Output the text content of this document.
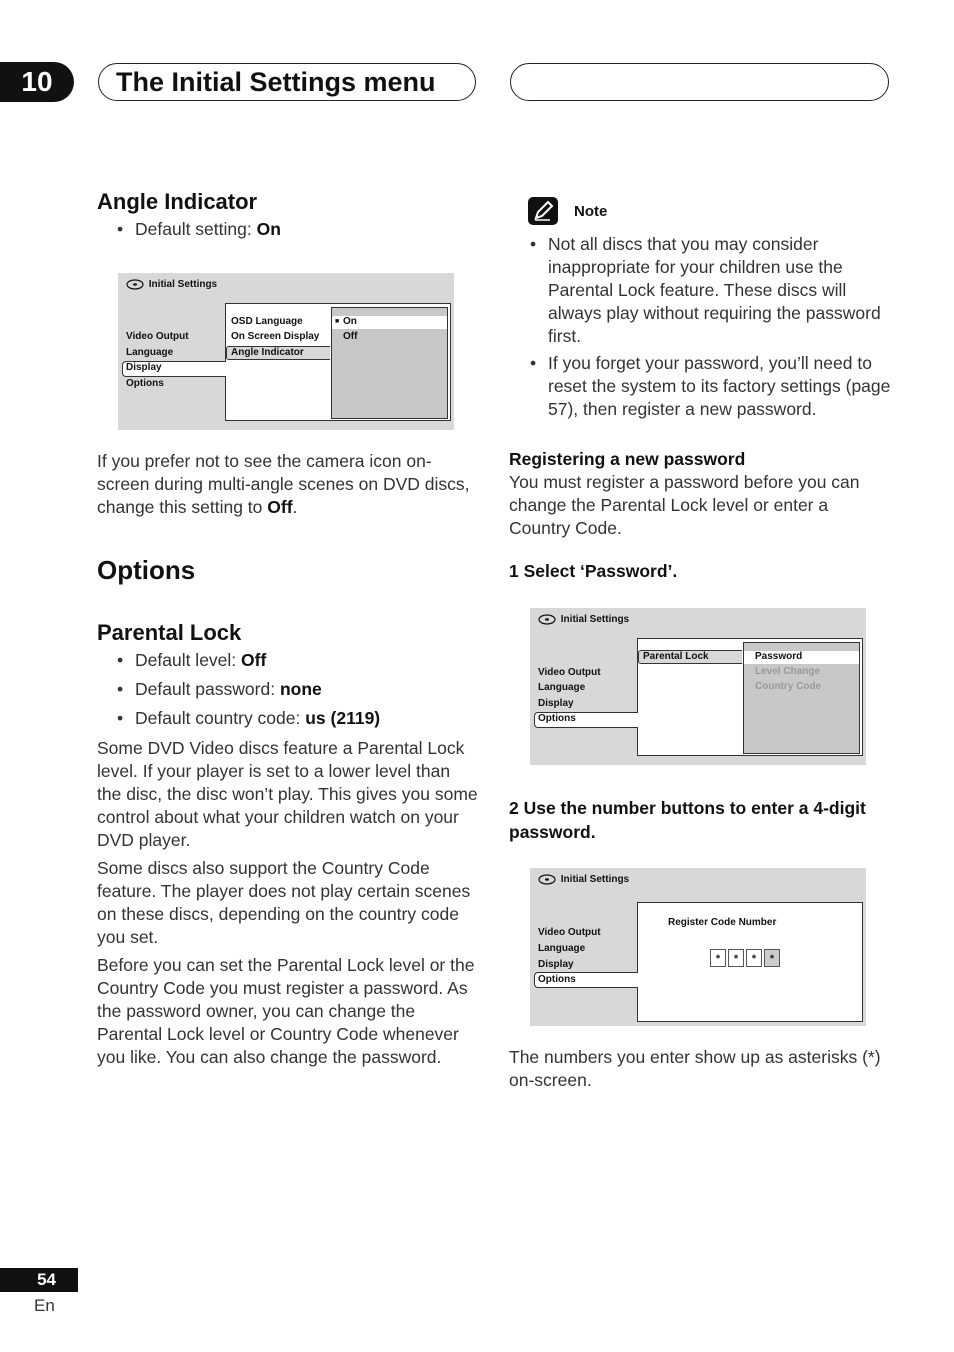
10	The Initial Settings menu
Angle Indicator
• Default setting: On
Initial Settings
Video Output
Language
Display
Options
OSD Language
On Screen Display
Angle Indicator
■ On
Off
If you prefer not to see the camera icon on-screen during multi-angle scenes on DVD discs, change this setting to Off.
Options
Parental Lock
• Default level: Off
• Default password: none
• Default country code: us (2119)
Some DVD Video discs feature a Parental Lock level. If your player is set to a lower level than the disc, the disc won’t play. This gives you some control about what your children watch on your DVD player.
Some discs also support the Country Code feature. The player does not play certain scenes on these discs, depending on the country code you set.
Before you can set the Parental Lock level or the Country Code you must register a password. As the password owner, you can change the Parental Lock level or Country Code whenever you like. You can also change the password.
Note
• Not all discs that you may consider inappropriate for your children use the Parental Lock feature. These discs will always play without requiring the password first.
• If you forget your password, you’ll need to reset the system to its factory settings (page 57), then register a new password.
Registering a new password
You must register a password before you can change the Parental Lock level or enter a Country Code.
1 Select ‘Password’.
Initial Settings
Video Output
Language
Display
Options
Parental Lock	Password
Level Change
Country Code
2 Use the number buttons to enter a 4-digit password.
Initial Settings
Video Output
Language
Display
Options
Register Code Number
*	*	*	*
The numbers you enter show up as asterisks (*) on-screen.
54
En
